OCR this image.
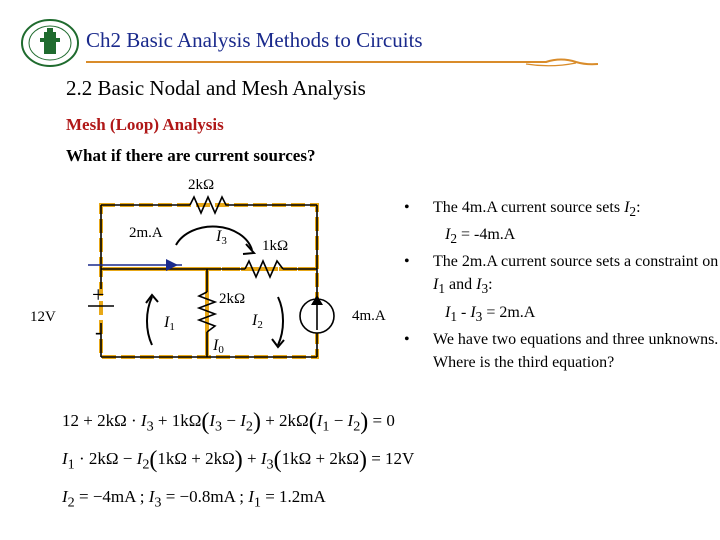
Ch2 Basic Analysis Methods to Circuits
2.2 Basic Nodal and Mesh Analysis
Mesh (Loop) Analysis
What if there are current sources?
2kΩ
1kΩ
2kΩ
2m.A
4m.A
12V
+
-
I3
I1	I2
I0
• The 4m.A current source sets $I_2$:
$I_2 = -4m.A$
• The 2m.A current source sets a constraint on $I_1$ and $I_3$:
$I_1 - I_3 = 2m.A$
• We have two equations and three unknowns. Where is the third equation?
$12 + 2k\Omega \cdot I_3 + 1k\Omega(I_3 - I_2) + 2k\Omega(I_1 - I_2) = 0$
$I_1 \cdot 2k\Omega - I_2(1k\Omega + 2k\Omega) + I_3(1k\Omega + 2k\Omega) = 12V$
$I_2 = -4mA$ ; $I_3 = -0.8mA$ ; $I_1 = 1.2mA$
